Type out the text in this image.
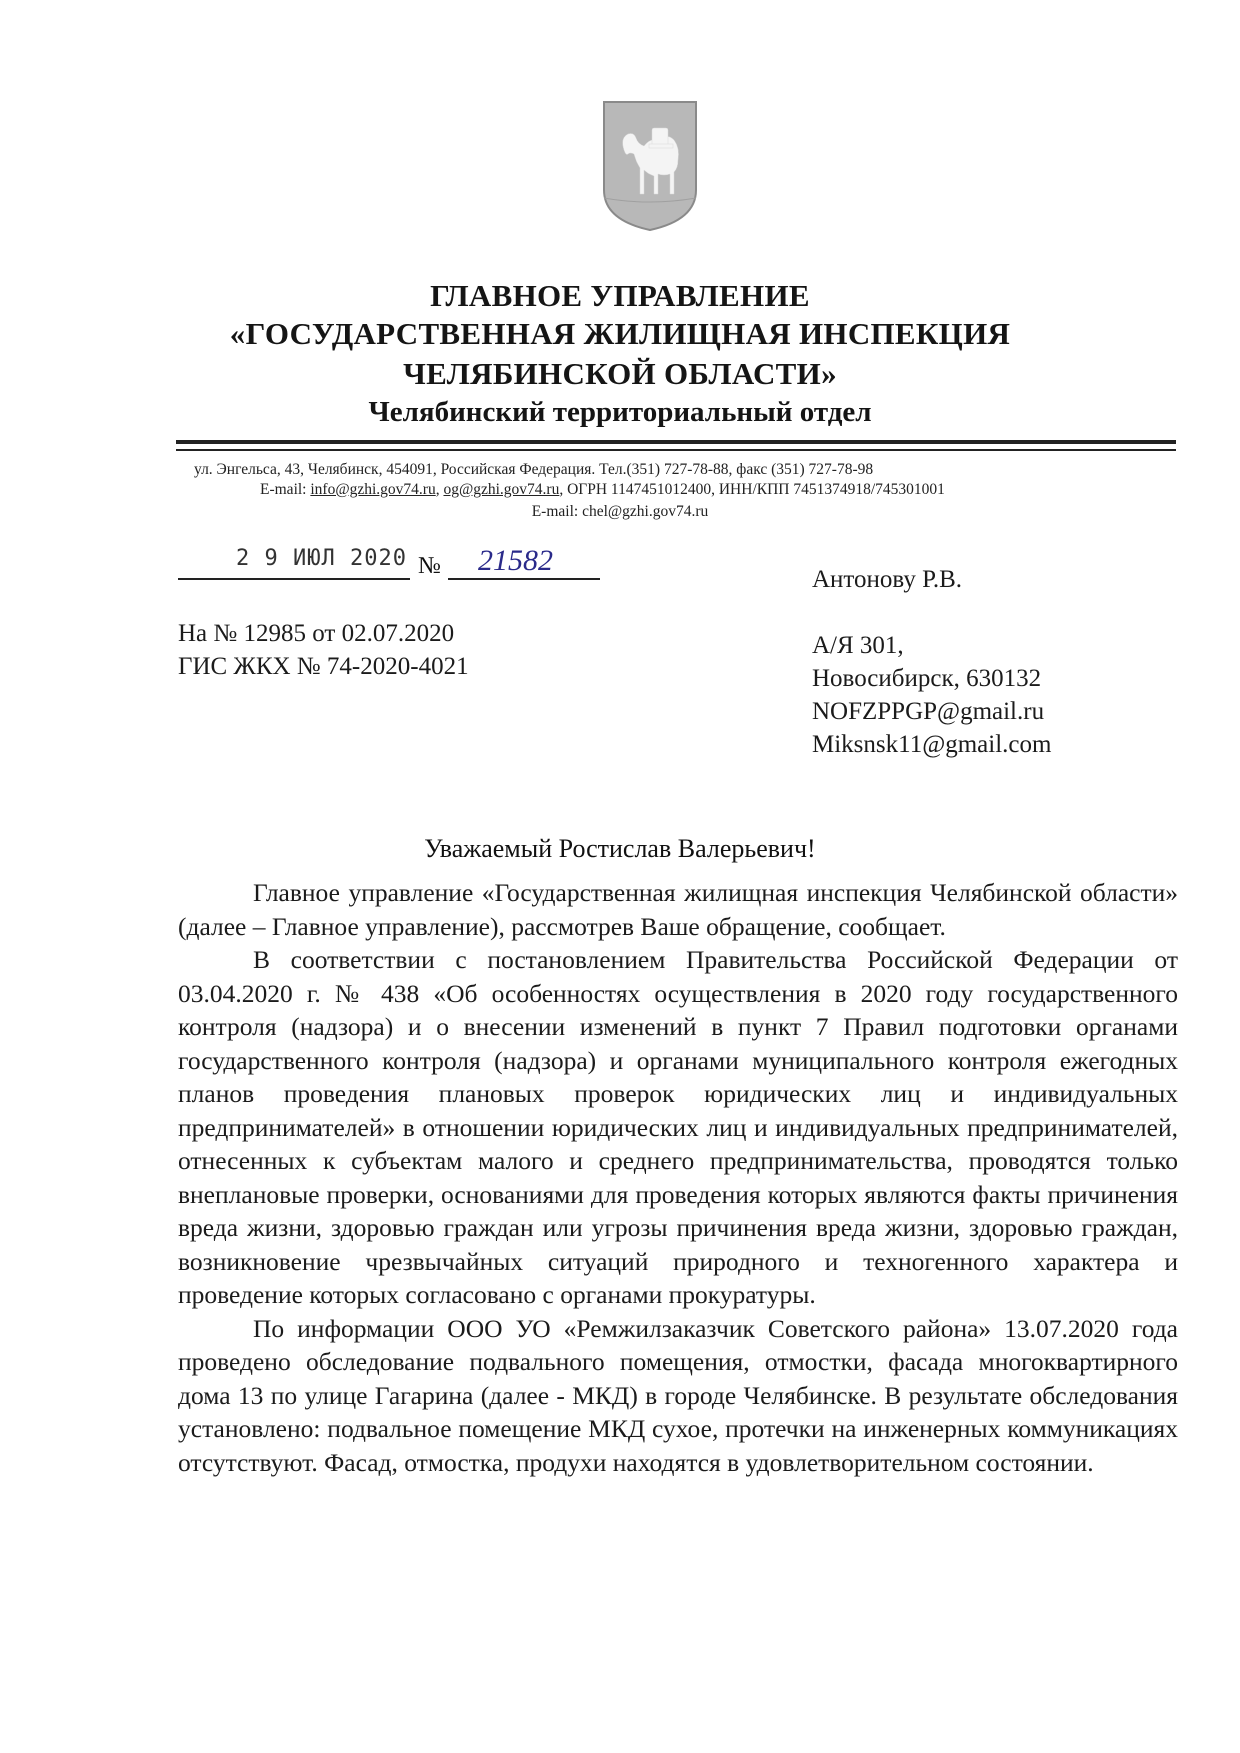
ГЛАВНОЕ УПРАВЛЕНИЕ
«ГОСУДАРСТВЕННАЯ ЖИЛИЩНАЯ ИНСПЕКЦИЯ
ЧЕЛЯБИНСКОЙ ОБЛАСТИ»
Челябинский территориальный отдел
ул. Энгельса, 43, Челябинск, 454091, Российская Федерация. Тел.(351) 727-78-88, факс (351) 727-78-98
E-mail: info@gzhi.gov74.ru, og@gzhi.gov74.ru, ОГРН 1147451012400, ИНН/КПП 7451374918/745301001
E-mail: chel@gzhi.gov74.ru
2 9 ИЮЛ 2020 № 21582
На № 12985 от 02.07.2020
ГИС ЖКХ № 74-2020-4021
Антонову Р.В.
А/Я 301,
Новосибирск, 630132
NOFZPPGP@gmail.ru
Miksnsk11@gmail.com
Уважаемый Ростислав Валерьевич!

Главное управление «Государственная жилищная инспекция Челябинской области» (далее – Главное управление), рассмотрев Ваше обращение, сообщает.

В соответствии с постановлением Правительства Российской Федерации от 03.04.2020 г. № 438 «Об особенностях осуществления в 2020 году государственного контроля (надзора) и о внесении изменений в пункт 7 Правил подготовки органами государственного контроля (надзора) и органами муниципального контроля ежегодных планов проведения плановых проверок юридических лиц и индивидуальных предпринимателей» в отношении юридических лиц и индивидуальных предпринимателей, отнесенных к субъектам малого и среднего предпринимательства, проводятся только внеплановые проверки, основаниями для проведения которых являются факты причинения вреда жизни, здоровью граждан или угрозы причинения вреда жизни, здоровью граждан, возникновение чрезвычайных ситуаций природного и техногенного характера и проведение которых согласовано с органами прокуратуры.

По информации ООО УО «Ремжилзаказчик Советского района» 13.07.2020 года проведено обследование подвального помещения, отмостки, фасада многоквартирного дома 13 по улице Гагарина (далее - МКД) в городе Челябинске. В результате обследования установлено: подвальное помещение МКД сухое, протечки на инженерных коммуникациях отсутствуют. Фасад, отмостка, продухи находятся в удовлетворительном состоянии.
